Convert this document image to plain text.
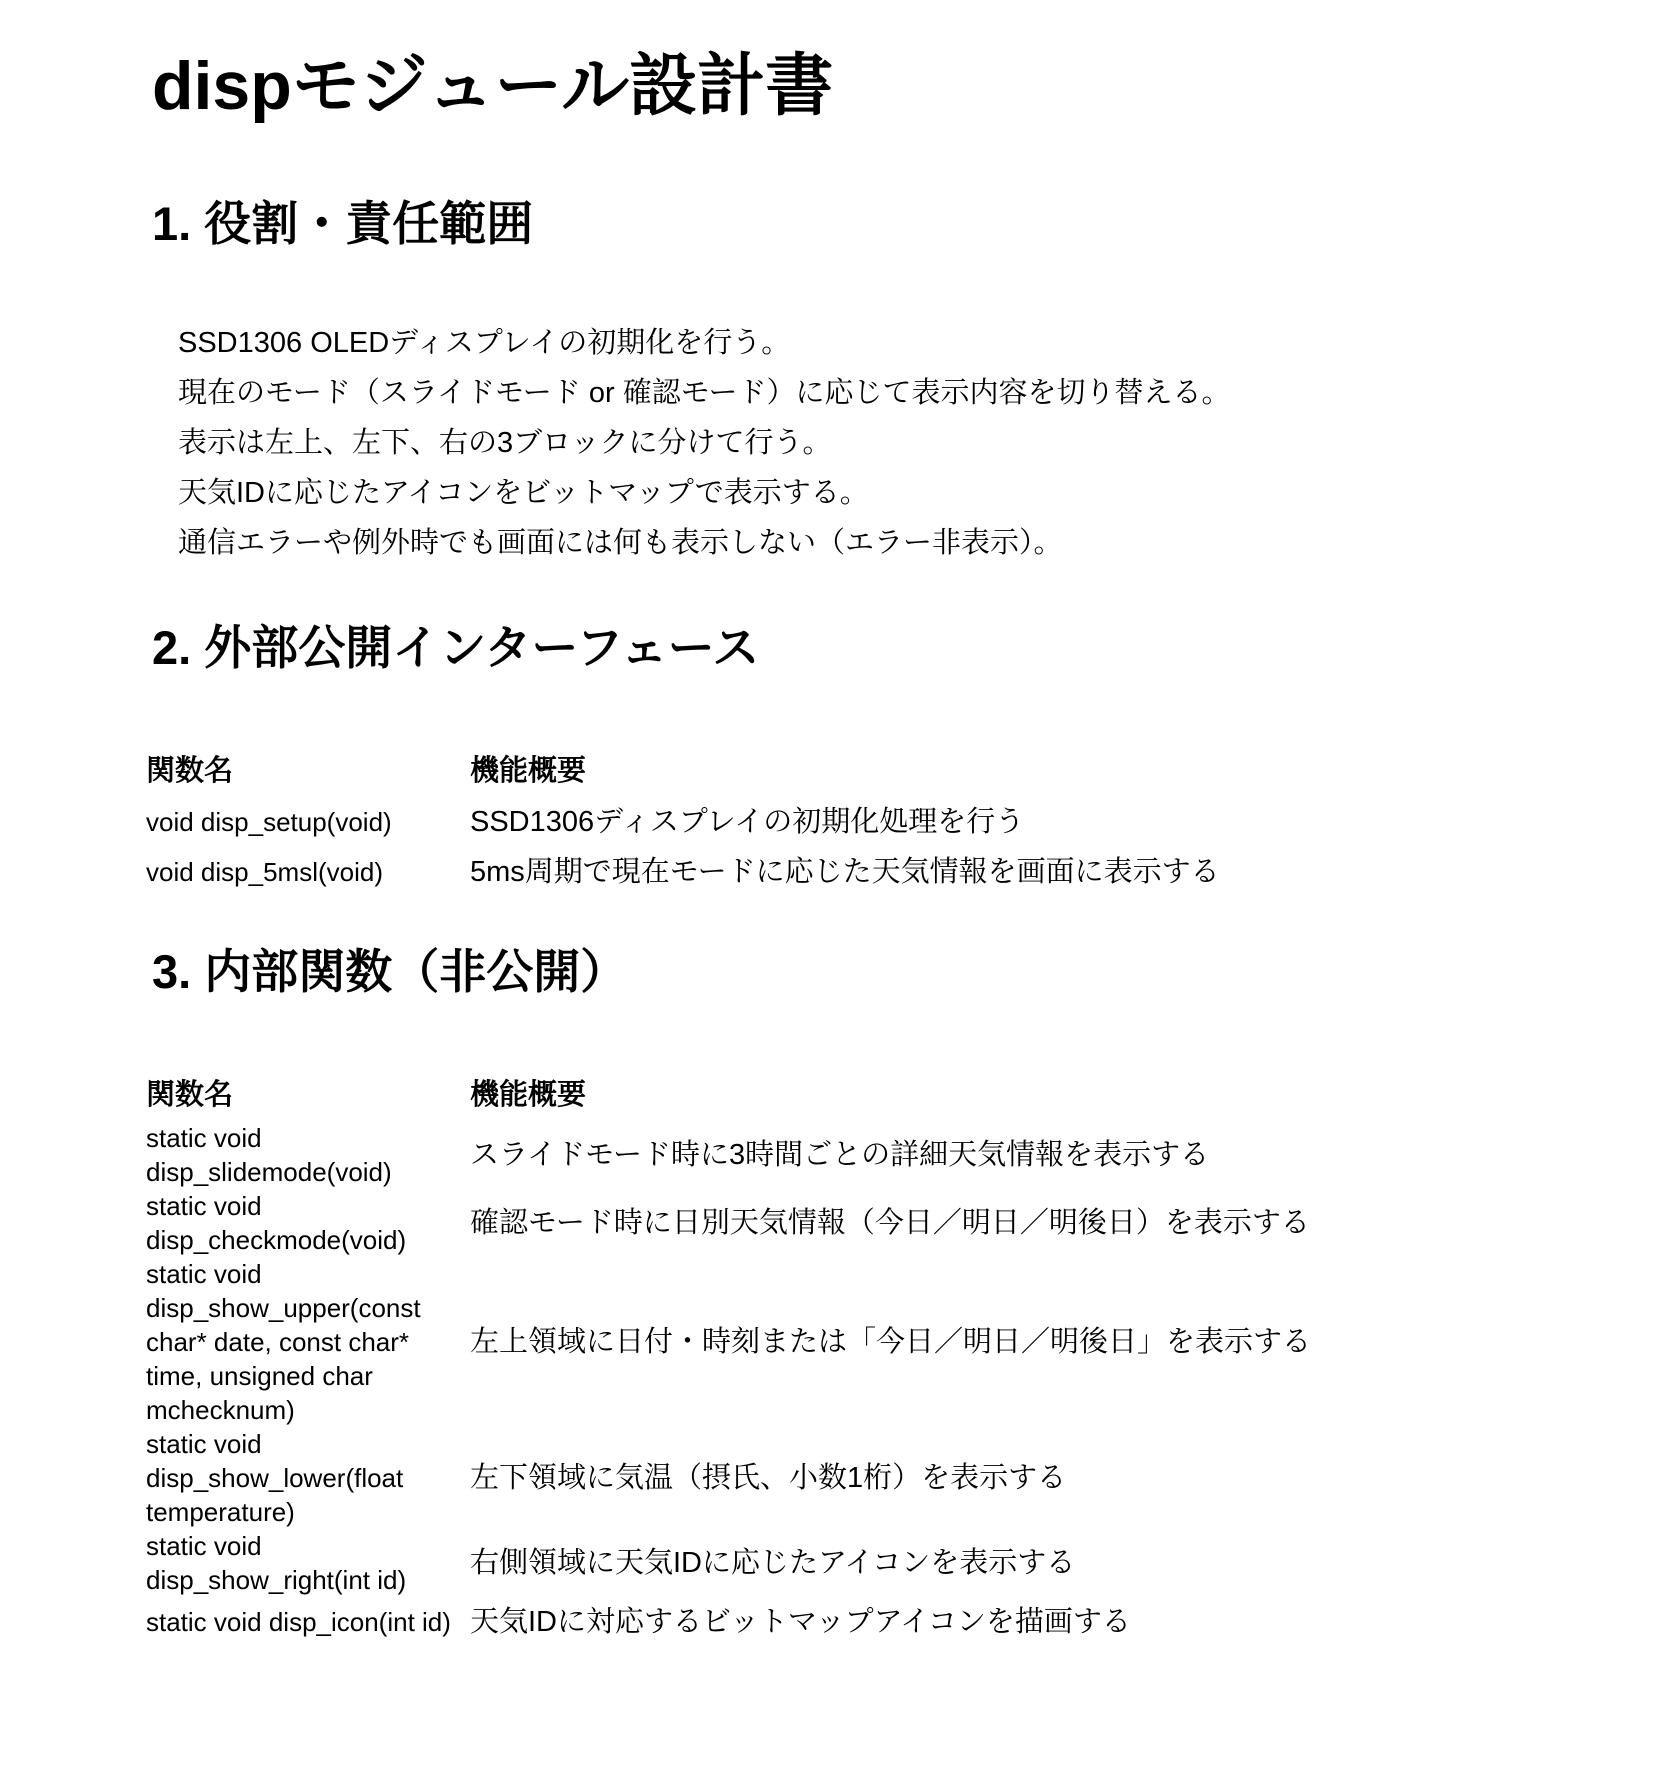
dispモジュール設計書
1. 役割・責任範囲
SSD1306 OLEDディスプレイの初期化を行う。
現在のモード（スライドモード or 確認モード）に応じて表示内容を切り替える。
表示は左上、左下、右の3ブロックに分けて行う。
天気IDに応じたアイコンをビットマップで表示する。
通信エラーや例外時でも画面には何も表示しない（エラー非表示）。
2. 外部公開インターフェース
関数名	機能概要
void disp_setup(void)	SSD1306ディスプレイの初期化処理を行う
void disp_5msl(void)	5ms周期で現在モードに応じた天気情報を画面に表示する
3. 内部関数（非公開）
関数名	機能概要
static void disp_slidemode(void)	スライドモード時に3時間ごとの詳細天気情報を表示する
static void disp_checkmode(void)	確認モード時に日別天気情報（今日／明日／明後日）を表示する
static void disp_show_upper(const char* date, const char* time, unsigned char mchecknum)	左上領域に日付・時刻または「今日／明日／明後日」を表示する
static void disp_show_lower(float temperature)	左下領域に気温（摂氏、小数1桁）を表示する
static void disp_show_right(int id)	右側領域に天気IDに応じたアイコンを表示する
static void disp_icon(int id)	天気IDに対応するビットマップアイコンを描画する
